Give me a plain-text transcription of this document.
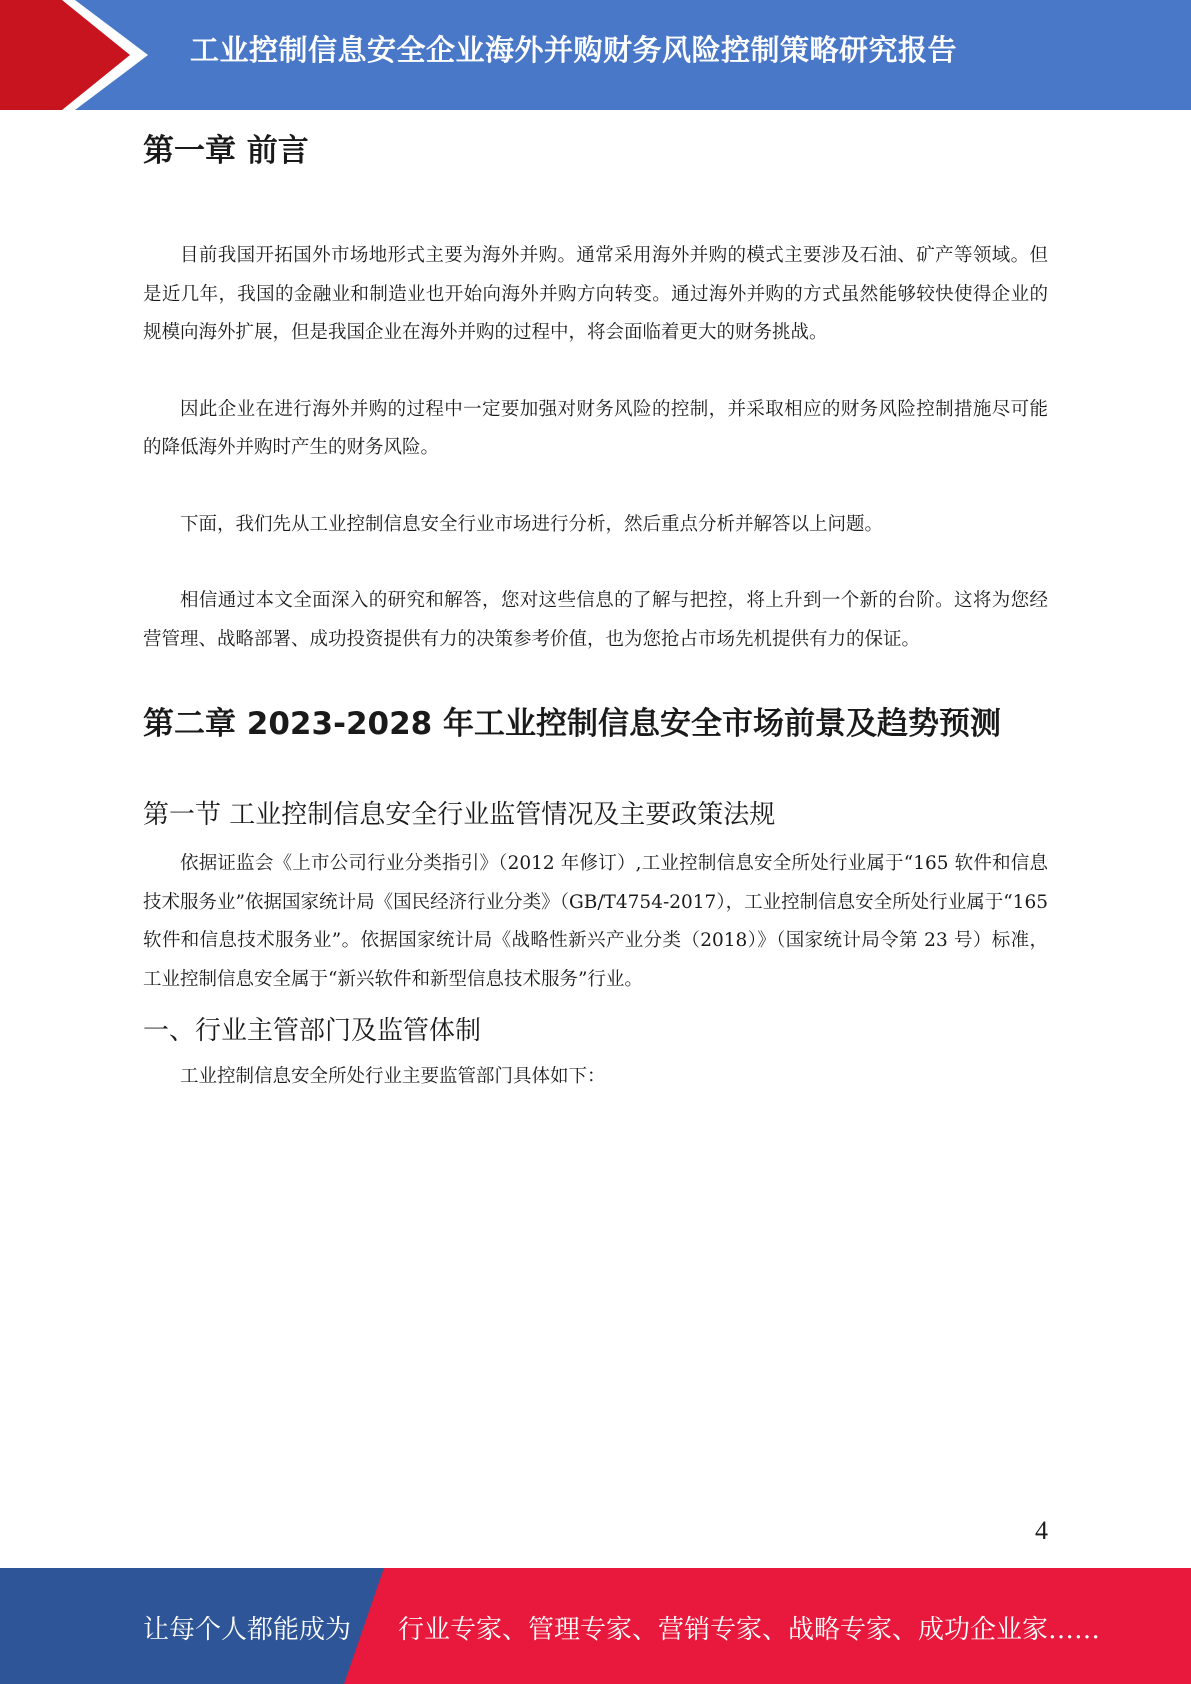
工业控制信息安全企业海外并购财务风险控制策略研究报告
第一章 前言

目前我国开拓国外市场地形式主要为海外并购。通常采用海外并购的模式主要涉及石油、矿产等领域。但是近几年，我国的金融业和制造业也开始向海外并购方向转变。通过海外并购的方式虽然能够较快使得企业的规模向海外扩展，但是我国企业在海外并购的过程中，将会面临着更大的财务挑战。

因此企业在进行海外并购的过程中一定要加强对财务风险的控制，并采取相应的财务风险控制措施尽可能的降低海外并购时产生的财务风险。

下面，我们先从工业控制信息安全行业市场进行分析，然后重点分析并解答以上问题。

相信通过本文全面深入的研究和解答，您对这些信息的了解与把控，将上升到一个新的台阶。这将为您经营管理、战略部署、成功投资提供有力的决策参考价值，也为您抢占市场先机提供有力的保证。

第二章 2023-2028 年工业控制信息安全市场前景及趋势预测
第一节 工业控制信息安全行业监管情况及主要政策法规

依据证监会《上市公司行业分类指引》（2012 年修订）,工业控制信息安全所处行业属于“165 软件和信息技术服务业”依据国家统计局《国民经济行业分类》（GB/T4754-2017），工业控制信息安全所处行业属于“165 软件和信息技术服务业”。依据国家统计局《战略性新兴产业分类（2018）》（国家统计局令第 23 号）标准，工业控制信息安全属于“新兴软件和新型信息技术服务”行业。

一、行业主管部门及监管体制

工业控制信息安全所处行业主要监管部门具体如下：

4
让每个人都能成为 行业专家、管理专家、营销专家、战略专家、成功企业家……
